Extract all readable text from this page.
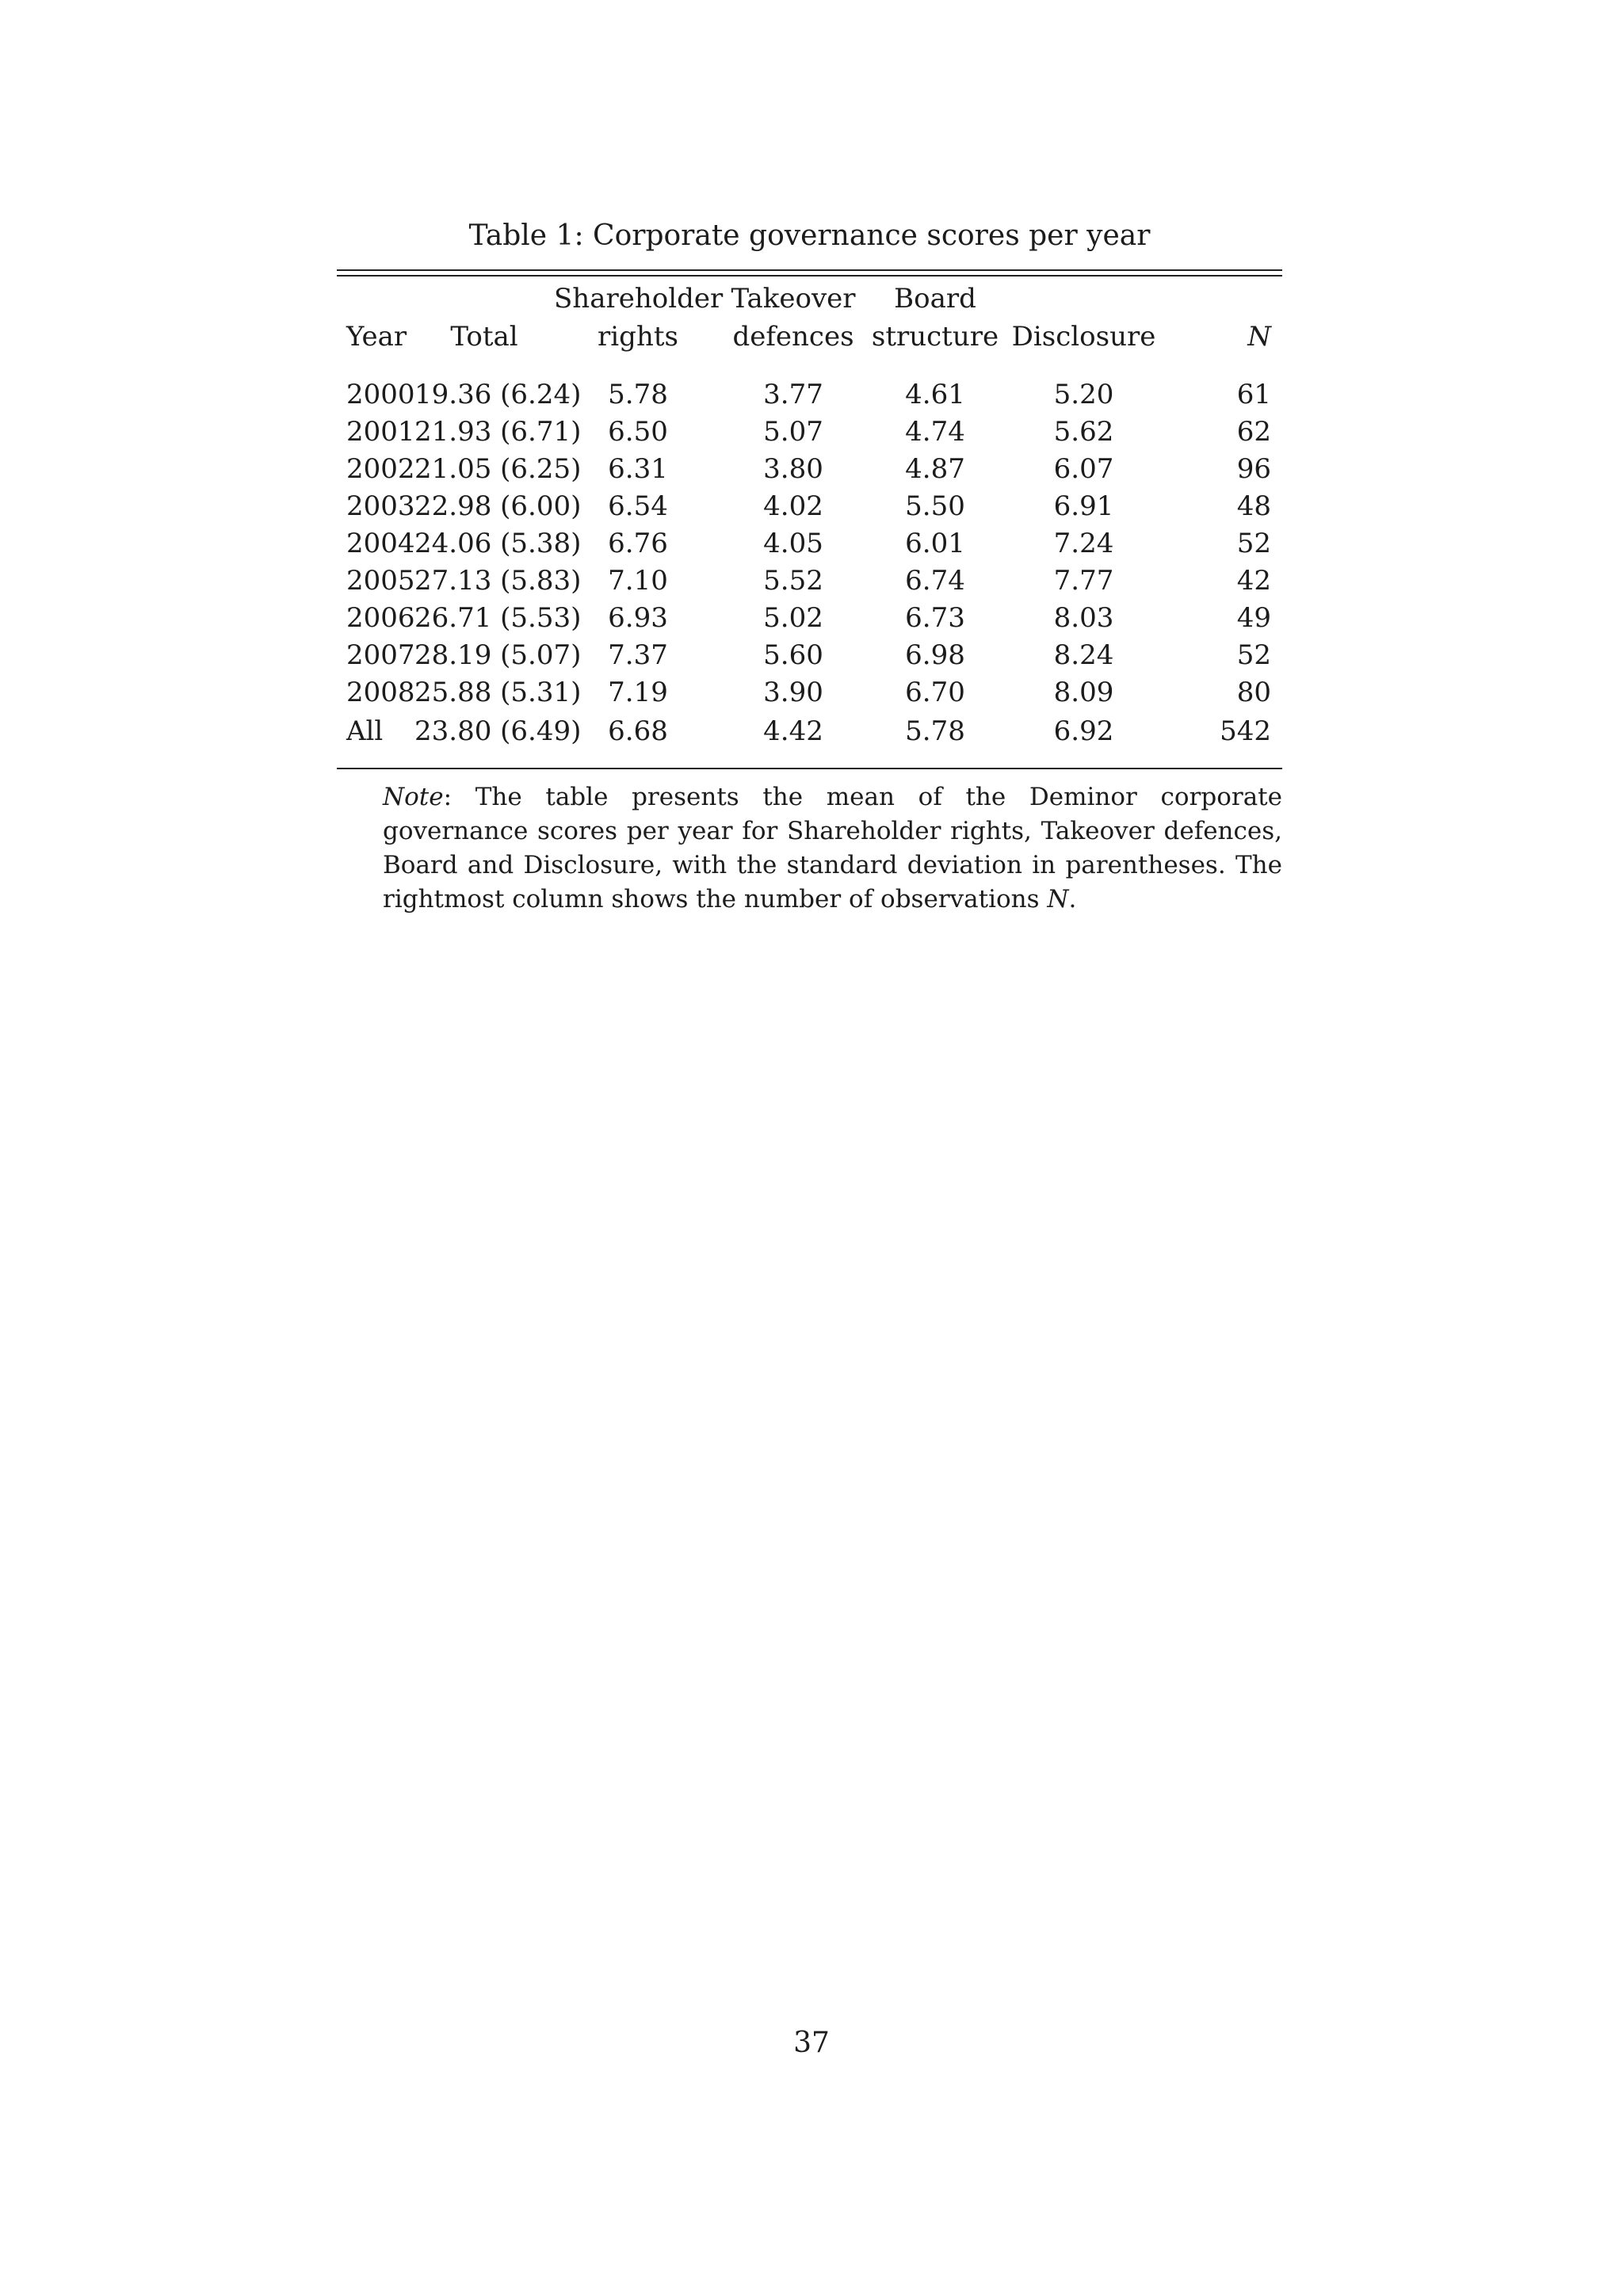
Table 1: Corporate governance scores per year
		Shareholder	Takeover	Board		
Year	Total	rights	defences	structure	Disclosure	N
2000	19.36 (6.24)	5.78	3.77	4.61	5.20	61
2001	21.93 (6.71)	6.50	5.07	4.74	5.62	62
2002	21.05 (6.25)	6.31	3.80	4.87	6.07	96
2003	22.98 (6.00)	6.54	4.02	5.50	6.91	48
2004	24.06 (5.38)	6.76	4.05	6.01	7.24	52
2005	27.13 (5.83)	7.10	5.52	6.74	7.77	42
2006	26.71 (5.53)	6.93	5.02	6.73	8.03	49
2007	28.19 (5.07)	7.37	5.60	6.98	8.24	52
2008	25.88 (5.31)	7.19	3.90	6.70	8.09	80
All	23.80 (6.49)	6.68	4.42	5.78	6.92	542

Note: The table presents the mean of the Deminor corporate governance scores per year for Shareholder rights, Takeover defences, Board and Disclosure, with the standard deviation in parentheses. The rightmost column shows the number of observations N.

37
